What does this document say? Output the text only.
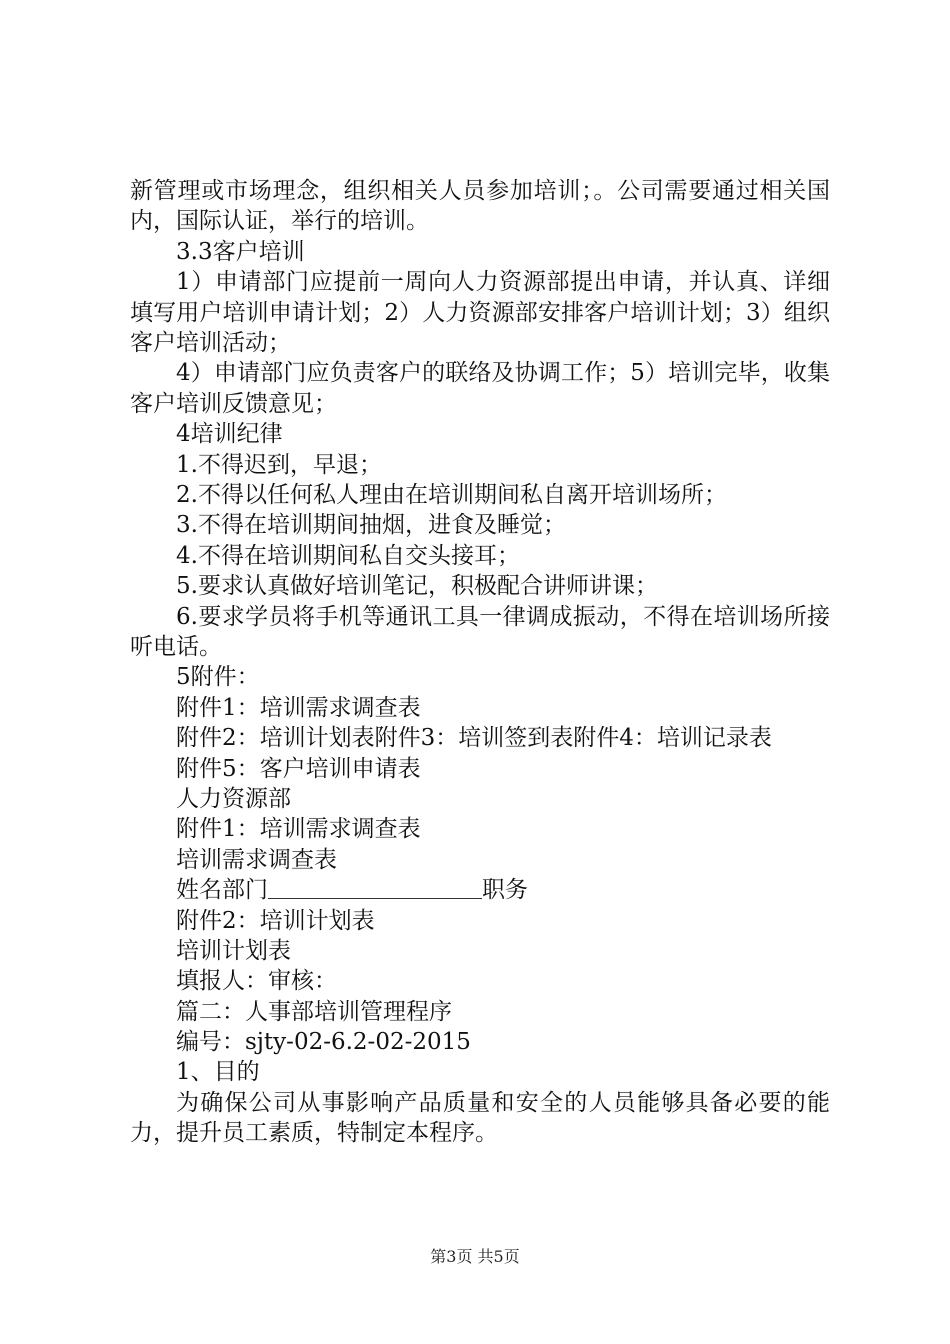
新管理或市场理念，组织相关人员参加培训；。公司需要通过相关国内，国际认证，举行的培训。
3.3客户培训
1）申请部门应提前一周向人力资源部提出申请，并认真、详细填写用户培训申请计划；2）人力资源部安排客户培训计划；3）组织客户培训活动；
4）申请部门应负责客户的联络及协调工作；5）培训完毕，收集客户培训反馈意见；
4培训纪律
1.不得迟到，早退；
2.不得以任何私人理由在培训期间私自离开培训场所；
3.不得在培训期间抽烟，进食及睡觉；
4.不得在培训期间私自交头接耳；
5.要求认真做好培训笔记，积极配合讲师讲课；
6.要求学员将手机等通讯工具一律调成振动，不得在培训场所接听电话。
5附件：
附件1：培训需求调查表
附件2：培训计划表附件3：培训签到表附件4：培训记录表
附件5：客户培训申请表
人力资源部
附件1：培训需求调查表
培训需求调查表
姓名部门	职务
附件2：培训计划表
培训计划表
填报人：审核：
篇二：人事部培训管理程序
编号：sjty-02-6.2-02-2015
1、目的
为确保公司从事影响产品质量和安全的人员能够具备必要的能力，提升员工素质，特制定本程序。
第3页 共5页
